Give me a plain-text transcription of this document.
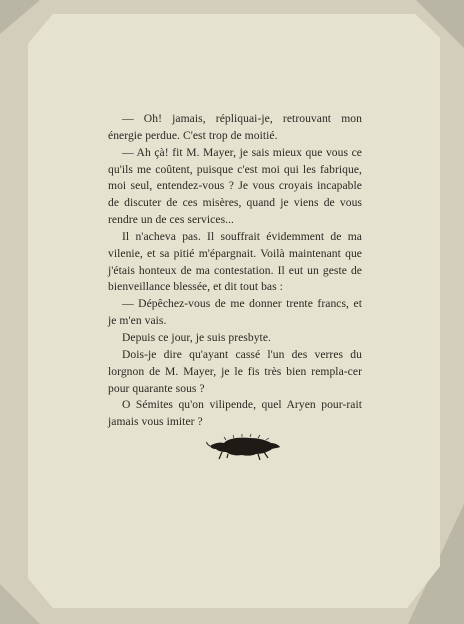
— Oh! jamais, répliquai-je, retrouvant mon énergie perdue. C'est trop de moitié.

— Ah çà! fit M. Mayer, je sais mieux que vous ce qu'ils me coûtent, puisque c'est moi qui les fabrique, moi seul, entendez-vous ? Je vous croyais incapable de discuter de ces misères, quand je viens de vous rendre un de ces services...

Il n'acheva pas. Il souffrait évidemment de ma vilenie, et sa pitié m'épargnait. Voilà maintenant que j'étais honteux de ma contestation. Il eut un geste de bienveillance blessée, et dit tout bas :

— Dépêchez-vous de me donner trente francs, et je m'en vais.

Depuis ce jour, je suis presbyte.

Dois-je dire qu'ayant cassé l'un des verres du lorgnon de M. Mayer, je le fis très bien rempla-cer pour quarante sous ?

O Sémites qu'on vilipende, quel Aryen pour-rait jamais vous imiter ?
